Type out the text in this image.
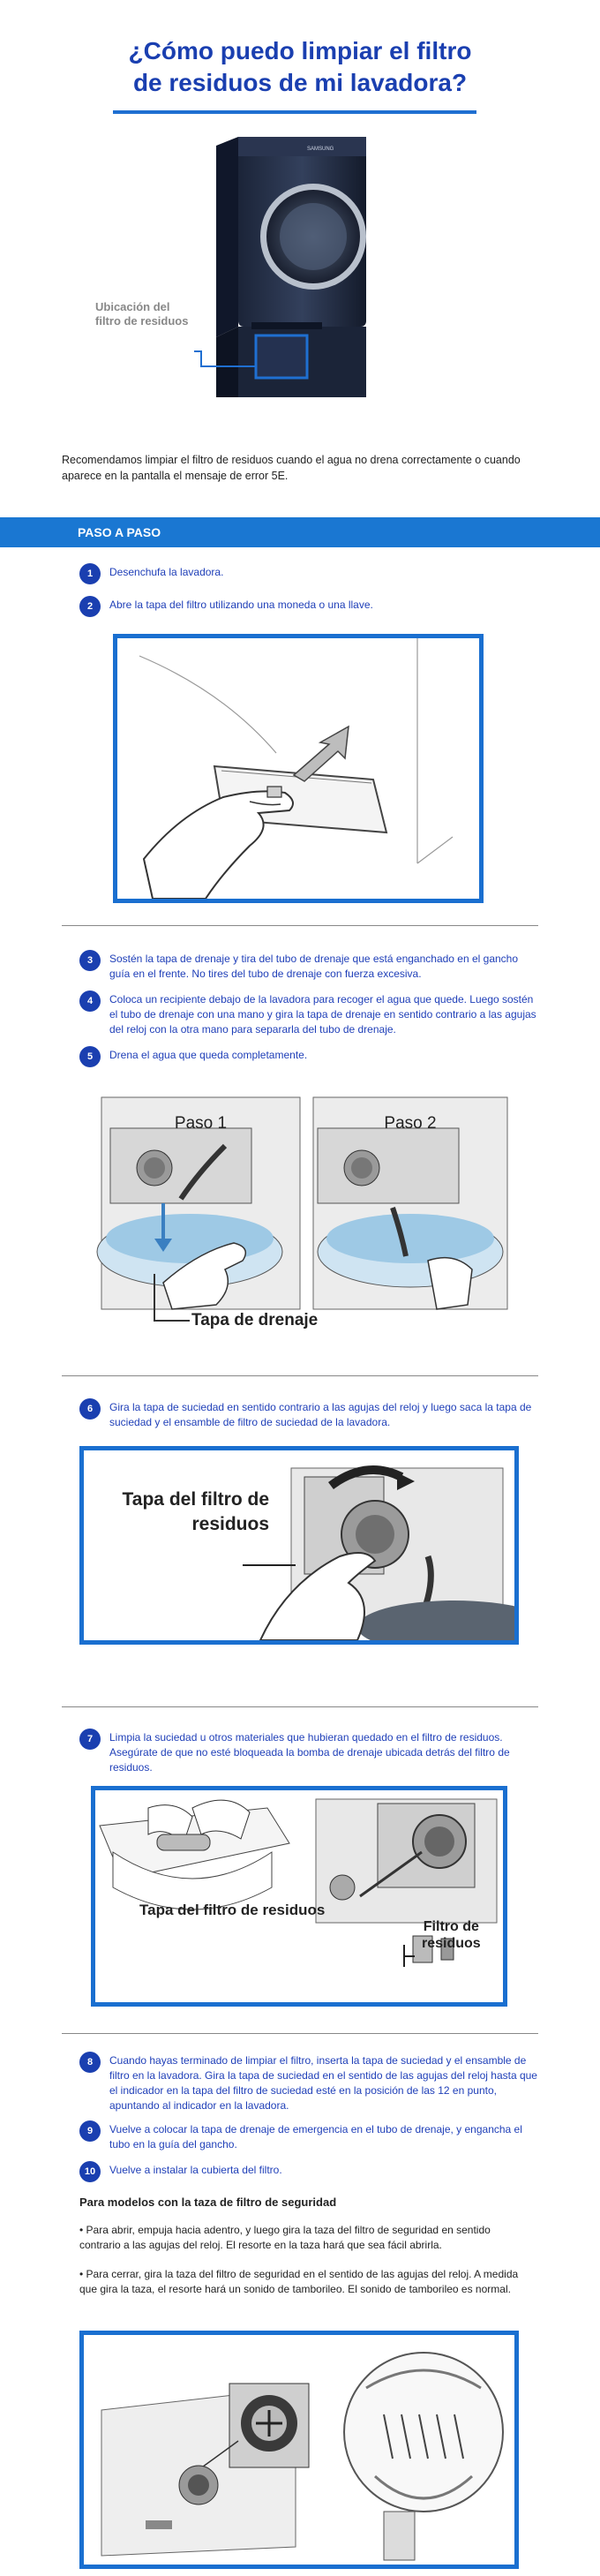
¿Cómo puedo limpiar el filtro
de residuos de mi lavadora?
SAMSUNG
Ubicación del
filtro de residuos
Recomendamos limpiar el filtro de residuos cuando el agua no drena correctamente o cuando aparece en la pantalla el mensaje de error 5E.
PASO A PASO
1	Desenchufa la lavadora.
2	Abre la tapa del filtro utilizando una moneda o una llave.
3	Sostén la tapa de drenaje y tira del tubo de drenaje que está enganchado en el gancho guía en el frente. No tires del tubo de drenaje con fuerza excesiva.
4	Coloca un recipiente debajo de la lavadora para recoger el agua que quede. Luego sostén el tubo de drenaje con una mano y gira la tapa de drenaje en sentido contrario a las agujas del reloj con la otra mano para separarla del tubo de drenaje.
5	Drena el agua que queda completamente.
Paso 1	Paso 2
Tapa de drenaje
6	Gira la tapa de suciedad en sentido contrario a las agujas del reloj y luego saca la tapa de suciedad y el ensamble de filtro de suciedad de la lavadora.
Tapa del filtro de
residuos
7	Limpia la suciedad u otros materiales que hubieran quedado en el filtro de residuos. Asegúrate de que no esté bloqueada la bomba de drenaje ubicada detrás del filtro de residuos.
Tapa del filtro de residuos
Filtro de
residuos
8	Cuando hayas terminado de limpiar el filtro, inserta la tapa de suciedad y el ensamble de filtro en la lavadora. Gira la tapa de suciedad en el sentido de las agujas del reloj hasta que el indicador en la tapa del filtro de suciedad esté en la posición de las 12 en punto, apuntando al indicador en la lavadora.
9	Vuelve a colocar la tapa de drenaje de emergencia en el tubo de drenaje, y engancha el tubo en la guía del gancho.
10	Vuelve a instalar la cubierta del filtro.
Para modelos con la taza de filtro de seguridad
• Para abrir, empuja hacia adentro, y luego gira la taza del filtro de seguridad en sentido contrario a las agujas del reloj. El resorte en la taza hará que sea fácil abrirla.
• Para cerrar, gira la taza del filtro de seguridad en el sentido de las agujas del reloj. A medida que gira la taza, el resorte hará un sonido de tamborileo. El sonido de tamborileo es normal.
